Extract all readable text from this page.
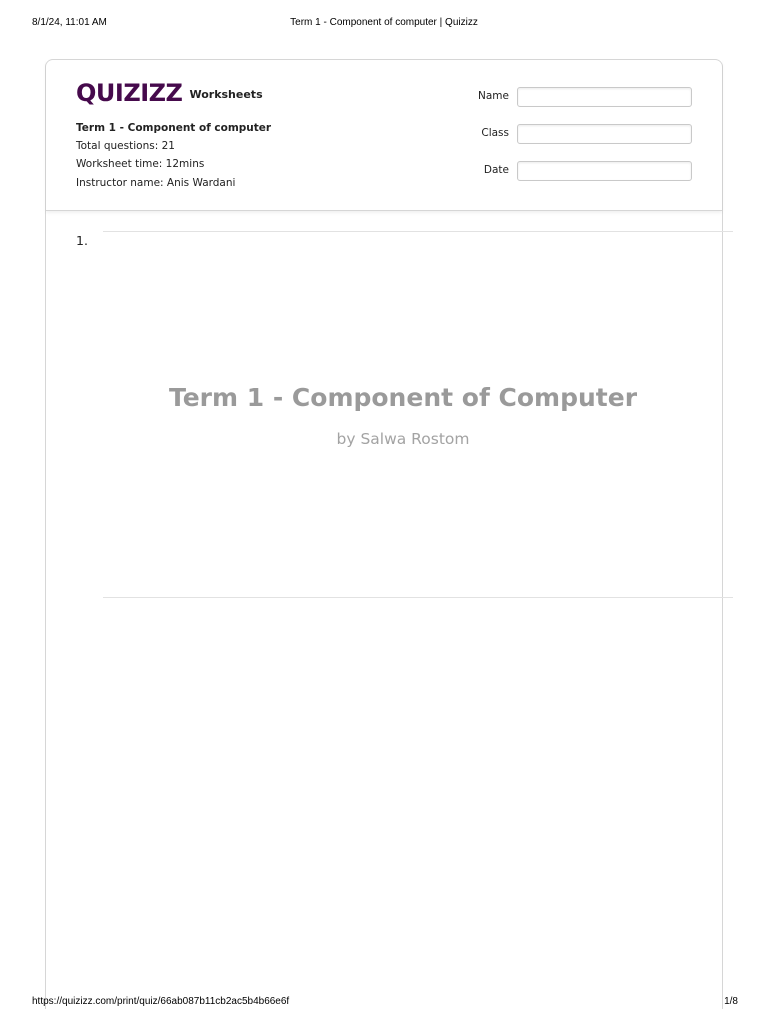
8/1/24, 11:01 AM	Term 1 - Component of computer | Quizizz
QUIZIZZ Worksheets
Term 1 - Component of computer
Total questions: 21
Worksheet time: 12mins
Instructor name: Anis Wardani
Name
Class
Date
1.
Term 1 - Component of Computer
by Salwa Rostom
https://quizizz.com/print/quiz/66ab087b11cb2ac5b4b66e6f	1/8
